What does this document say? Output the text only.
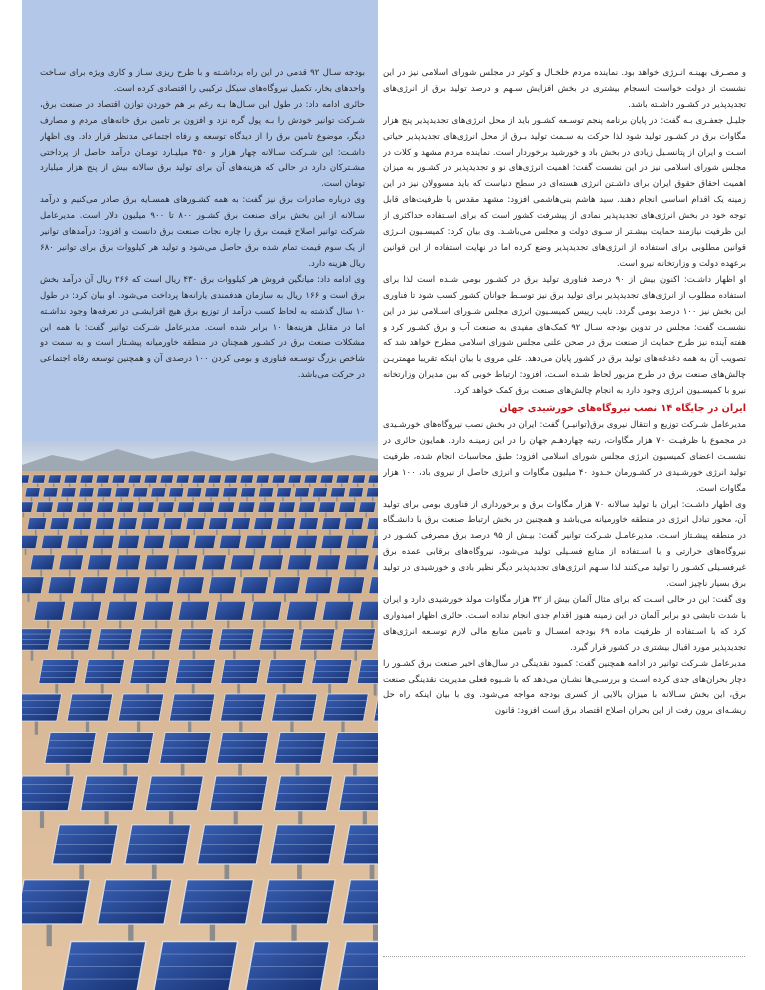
بودجه سـال ۹۲ قدمی در این راه برداشـته و با طرح ریزی سـاز و کاری ویژه برای سـاخت واحدهای بخار، تکمیل نیروگاه‌های سیکل ترکیبی را اقتصادی کرده است.

حائری ادامه داد: در طول این سـال‌ها بـه رغم بر هم خوردن توازن اقتصاد در صنعت برق، شـرکت توانیر خودش را بـه پول گره نزد و افزون بر تامین برق خانه‌های مردم و مصارف دیگر، موضوع تامین برق را از دیدگاه توسعه و رفاه اجتماعی مدنظر قرار داد. وی اظهار داشـت: این شـرکت سـالانه چهار هزار و ۴۵۰ میلیـارد تومـان درآمد حاصل از پرداختی مشـترکان دارد در حالی که هزینه‌های آن برای تولید برق سالانه بیش از پنج هزار میلیارد تومان است.

وی درباره صادرات برق نیز گفت: به همه کشـورهای همسـایه برق صادر می‌کنیم و درآمد سـالانه از این بخش برای صنعت برق کشـور ۸۰۰ تا ۹۰۰ میلیون دلار است. مدیرعامل شرکت توانیر اصلاح قیمت برق را چاره نجات صنعت برق دانست و افزود: درآمدهای توانیر از یک سوم قیمت تمام شده برق حاصل می‌شود و تولید هر کیلووات برق برای توانیر ۶۸۰ ریال هزینه دارد.

وی ادامه داد: میانگین فروش هر کیلووات برق ۴۳۰ ریال است که ۲۶۶ ریال آن درآمد بخش برق است و ۱۶۶ ریال به سازمان هدفمندی یارانه‌ها پرداخت می‌شود. او بیان کرد: در طول ۱۰ سال گذشته به لحاظ کسب درآمد از توزیع برق هیچ افزایشـی در تعرفه‌ها وجود نداشـته اما در مقابل هزینه‌ها ۱۰ برابر شده است. مدیرعامل شـرکت توانیر گفت: با همه این مشکلات صنعت برق در کشـور همچنان در منطقه خاورمیانه پیشـتاز است و به سمت دو شاخص بزرگ توسـعه فناوری و بومی کردن ۱۰۰ درصدی آن و همچنین توسعه رفاه اجتماعی در حرکت می‌باشد.

و مصـرف بهینـه انـرژی خواهد بود. نماینده مردم خلخـال و کوثر در مجلس شورای اسلامی نیز در این نشست از دولت خواست انسجام بیشتری در بخش افزایش سـهم و درصد تولید برق از انرژی‌های تجدیدپذیر در کشـور داشـته باشد.

جلیـل جعفـری بـه گفت: در پایان برنامه پنجم توسـعه کشـور باید از محل انرژی‌های تجدیدپذیر پنج هزار مگاوات برق در کشـور تولید شود لذا حرکت به سـمت تولید بـرق از محل انرژی‌های تجدیدپذیر حیاتی اسـت و ایران از پتانسـیل زیادی در بخش باد و خورشید برخوردار است. نماینده مردم مشهد و کلات در مجلس شورای اسلامی نیز در این نشست گفت: اهمیت انرژی‌های نو و تجدیدپذیر در کشـور به میزان اهمیت احقاق حقوق ایران برای داشـتن انرژی هسته‌ای در سطح دنیاست که باید مسوولان نیز در این زمینه یک اقدام اساسی انجام دهند. سید هاشم بنی‌هاشمی افزود: مشهد مقدس با ظرفیت‌های قابل توجه خود در بخش انرژی‌های تجدیدپذیر نمادی از پیشرفت کشور است که برای اسـتفاده حداکثری از این ظرفیت نیازمند حمایت بیشـتر از سـوی دولت و مجلس می‌باشـد. وی بیان کرد: کمیسـیون انـرژی قوانین مطلوبی برای استفاده از انرژی‌های تجدیدپذیر وضع کرده اما در نهایت استفاده از این قوانین برعهده دولت و وزارتخانه نیرو است.

او اظهار داشـت: اکنون بیش از ۹۰ درصد فناوری تولید برق در کشـور بومی شـده است لذا برای استفاده مطلوب از انرژی‌های تجدیدپذیر برای تولید برق نیز توسـط جوانان کشور کسب شود تا فناوری این بخش نیز ۱۰۰ درصد بومی گردد. نایب رییس کمیسـیون انرژی مجلس شـورای اسـلامی نیز در این نشسـت گفت: مجلس در تدوین بودجه سـال ۹۲ کمک‌های مفیدی به صنعت آب و برق کشـور کرد و هفته آینده نیز طرح حمایت از صنعت برق در صحن علنی مجلس شورای اسلامی مطرح خواهد شد که تصویب آن به همه دغدغه‌های تولید برق در کشور پایان می‌دهد. علی مروی با بیان اینکه تقریبا مهمتریـن چالش‌های صنعت برق در طرح مزبور لحاظ شـده اسـت، افزود: ارتباط خوبی که بین مدیران وزارتخانه نیرو با کمیسـیون انرژی وجود دارد به انجام چالش‌های صنعت برق کمک خواهد کرد.

ایران در جایگاه ۱۴ نصب نیروگاه‌های خورشیدی جهان

مدیرعامل شـرکت توزیع و انتقال نیروی برق(توانیـر) گفت: ایران در بخش نصب نیروگاه‌های خورشـیدی در مجموع با ظرفیـت ۷۰ هزار مگاوات، رتبه چهاردهـم جهان را در این زمینـه دارد. همایون حائری در نشسـت اعضای کمیسیون انرژی مجلس شورای اسلامی افزود: طبق محاسبات انجام شده، ظرفیت تولید انرژی خورشـیدی در کشـورمان حـدود ۴۰ میلیون مگاوات و انرژی حاصل از نیروی باد، ۱۰۰ هزار مگاوات است.

وی اظهار داشـت: ایران با تولید سالانه ۷۰ هزار مگاوات برق و برخورداری از فناوری بومی برای تولید آن، محور تبادل انرژی در منطقه خاورمیانه می‌باشد و همچنین در بخش ارتباط صنعت برق با دانشـگاه در منطقه پیشـتاز اسـت. مدیرعامـل شـرکت توانیر گفت: بیـش از ۹۵ درصد برق مصرفی کشـور در نیروگاه‌های حرارتی و با اسـتفاده از منابع فسـیلی تولید می‌شود، نیروگاه‌های برقابی عمده برق غیرفسـیلی کشـور را تولید می‌کنند لذا سـهم انرژی‌های تجدیدپذیر دیگر نظیر بادی و خورشیدی در تولید برق بسیار ناچیز است.

وی گفت: این در حالی اسـت که برای مثال آلمان بیش از ۳۲ هزار مگاوات مولد خورشیدی دارد و ایران با شدت تابشی دو برابر آلمان در این زمینه هنوز اقدام جدی انجام نداده اسـت. حائری اظهار امیدواری کرد که با اسـتفاده از ظرفیت ماده ۶۹ بودجه امسـال و تامین منابع مالی لازم توسـعه انرژی‌های تجدیدپذیر مورد اقبال بیشتری در کشور قرار گیرد.

مدیرعامل شـرکت توانیر در ادامه همچنین گفت: کمبود نقدینگی در سال‌های اخیر صنعت برق کشـور را دچار بحران‌های جدی کرده اسـت و بررسـی‌ها نشـان می‌دهد که با شـیوه فعلی مدیریت نقدینگی صنعت برق، این بخش سـالانه با میزان بالایی از کسری بودجه مواجه می‌شود. وی با بیان اینکه راه حل ریشـه‌ای برون رفت از این بحران اصلاح اقتصاد برق است افزود: قانون
